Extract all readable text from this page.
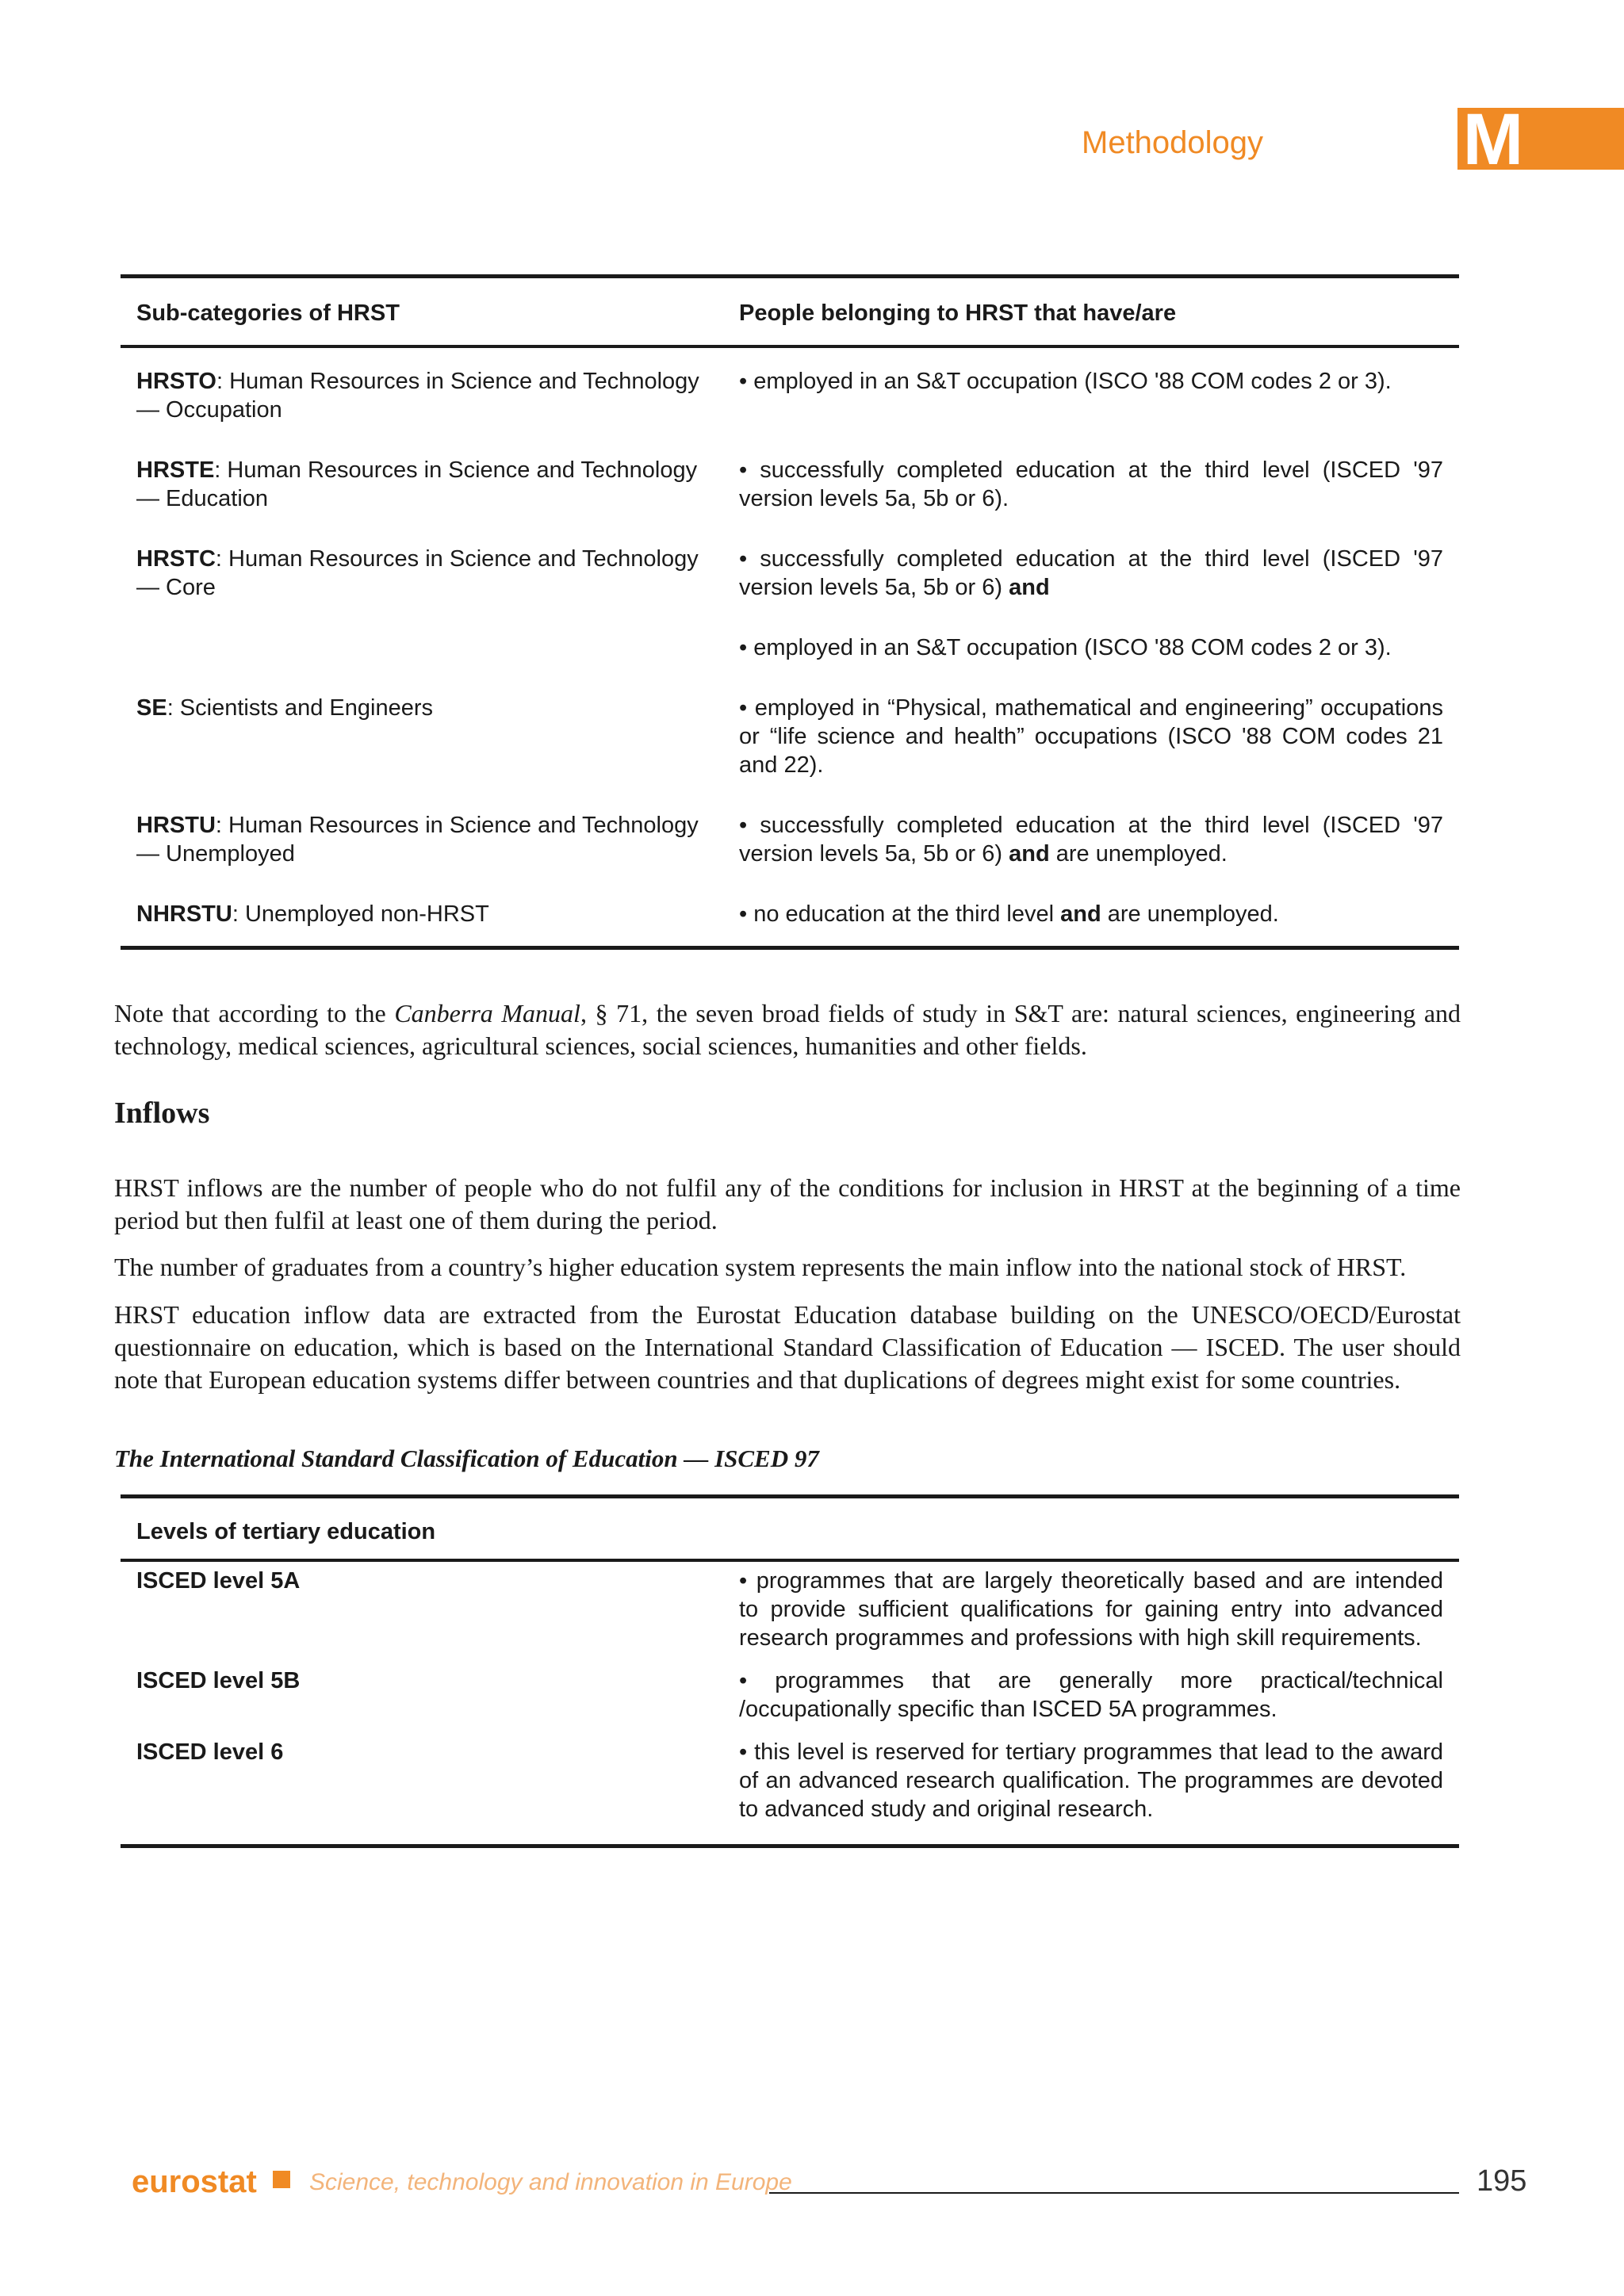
Methodology	M
Sub-categories of HRST	People belonging to HRST that have/are
HRSTO: Human Resources in Science and Technology — Occupation	• employed in an S&T occupation (ISCO '88 COM codes 2 or 3).
HRSTE: Human Resources in Science and Technology — Education	• successfully completed education at the third level (ISCED '97 version levels 5a, 5b or 6).
HRSTC: Human Resources in Science and Technology — Core	• successfully completed education at the third level (ISCED '97 version levels 5a, 5b or 6) and
	• employed in an S&T occupation (ISCO '88 COM codes 2 or 3).
SE: Scientists and Engineers	• employed in “Physical, mathematical and engineering” occupations or “life science and health” occupations (ISCO '88 COM codes 21 and 22).
HRSTU: Human Resources in Science and Technology — Unemployed	• successfully completed education at the third level (ISCED '97 version levels 5a, 5b or 6) and are unemployed.
NHRSTU: Unemployed non-HRST	• no education at the third level and are unemployed.

Note that according to the Canberra Manual, § 71, the seven broad fields of study in S&T are: natural sciences, engineering and technology, medical sciences, agricultural sciences, social sciences, humanities and other fields.

Inflows

HRST inflows are the number of people who do not fulfil any of the conditions for inclusion in HRST at the beginning of a time period but then fulfil at least one of them during the period.

The number of graduates from a country’s higher education system represents the main inflow into the national stock of HRST.

HRST education inflow data are extracted from the Eurostat Education database building on the UNESCO/OECD/Eurostat questionnaire on education, which is based on the International Standard Classification of Education — ISCED. The user should note that European education systems differ between countries and that duplications of degrees might exist for some countries.

The International Standard Classification of Education — ISCED 97

Levels of tertiary education	
ISCED level 5A	• programmes that are largely theoretically based and are intended to provide sufficient qualifications for gaining entry into advanced research programmes and professions with high skill requirements.
ISCED level 5B	• programmes that are generally more practical/technical /occupationally specific than ISCED 5A programmes.
ISCED level 6	• this level is reserved for tertiary programmes that lead to the award of an advanced research qualification. The programmes are devoted to advanced study and original research.
eurostat Science, technology and innovation in Europe	195
